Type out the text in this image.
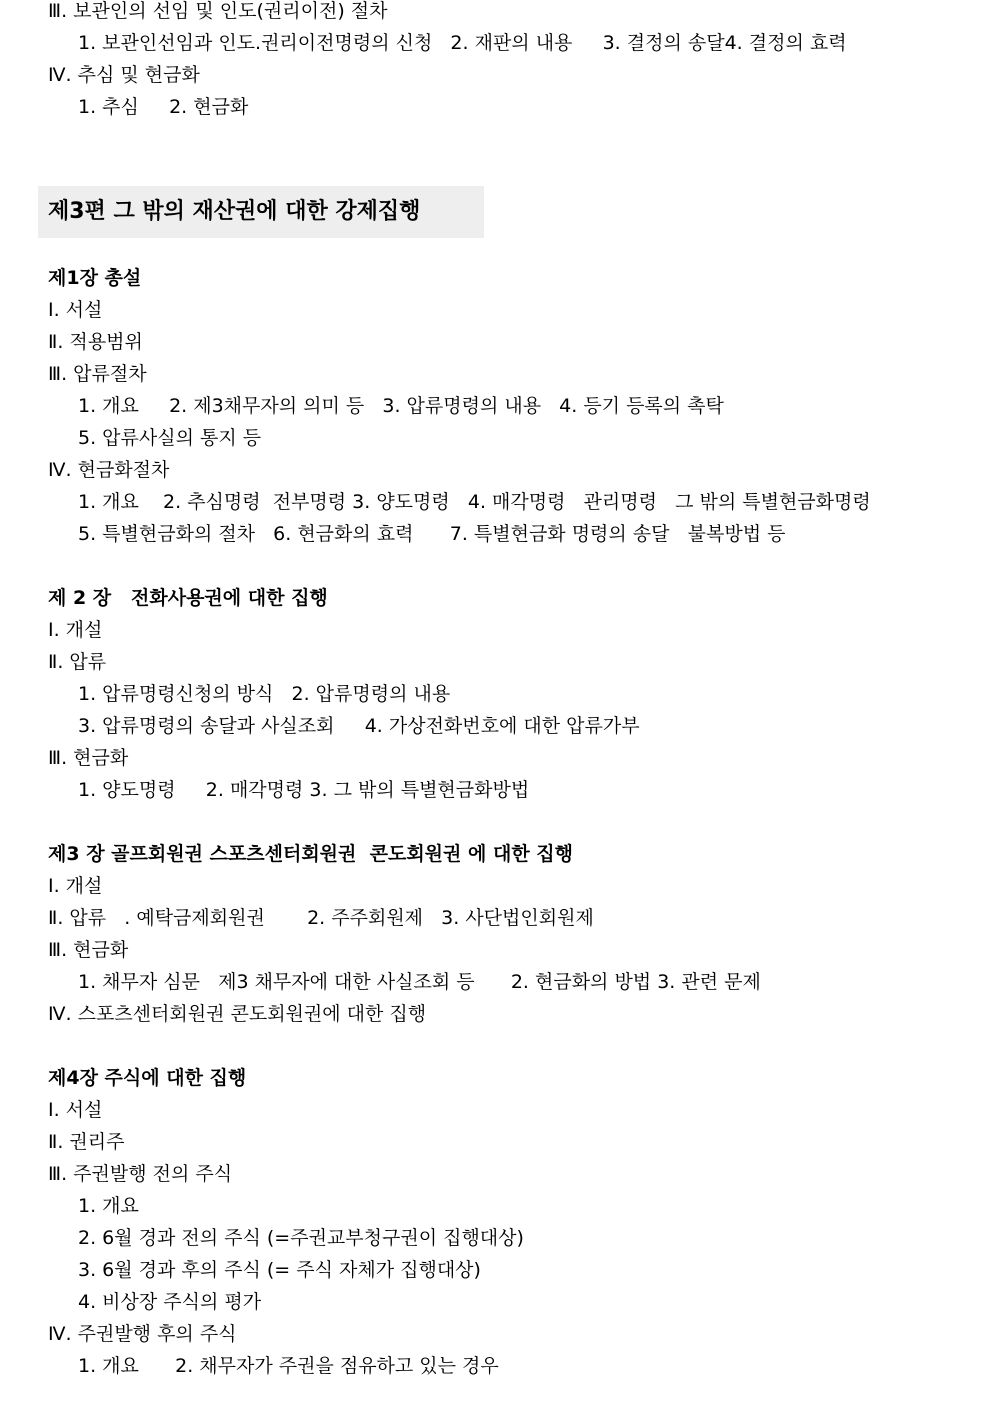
Ⅲ. 보관인의 선임 및 인도(권리이전) 절차
1. 보관인선임과 인도.권리이전명령의 신청   2. 재판의 내용     3. 결정의 송달4. 결정의 효력
Ⅳ. 추심 및 현금화
1. 추심     2. 현금화
제3편 그 밖의 재산권에 대한 강제집행
제1장 총설
Ⅰ. 서설
Ⅱ. 적용범위
Ⅲ. 압류절차
1. 개요     2. 제3채무자의 의미 등   3. 압류명령의 내용   4. 등기 등록의 촉탁
5. 압류사실의 통지 등
Ⅳ. 현금화절차
1. 개요    2. 추심명령  전부명령 3. 양도명령   4. 매각명령   관리명령   그 밖의 특별현금화명령
5. 특별현금화의 절차   6. 현금화의 효력      7. 특별현금화 명령의 송달   불복방법 등
제 2 장   전화사용권에 대한 집행
Ⅰ. 개설
Ⅱ. 압류
1. 압류명령신청의 방식   2. 압류명령의 내용
3. 압류명령의 송달과 사실조회     4. 가상전화번호에 대한 압류가부
Ⅲ. 현금화
1. 양도명령     2. 매각명령 3. 그 밖의 특별현금화방법
제3 장 골프회원권 스포츠센터회원권  콘도회원권 에 대한 집행
Ⅰ. 개설
Ⅱ. 압류   . 예탁금제회원권       2. 주주회원제   3. 사단법인회원제
Ⅲ. 현금화
1. 채무자 심문   제3 채무자에 대한 사실조회 등      2. 현금화의 방법 3. 관련 문제
Ⅳ. 스포츠센터회원권 콘도회원권에 대한 집행
제4장 주식에 대한 집행
Ⅰ. 서설
Ⅱ. 권리주
Ⅲ. 주권발행 전의 주식
1. 개요
2. 6월 경과 전의 주식 (=주권교부청구권이 집행대상)
3. 6월 경과 후의 주식 (= 주식 자체가 집행대상)
4. 비상장 주식의 평가
Ⅳ. 주권발행 후의 주식
1. 개요      2. 채무자가 주권을 점유하고 있는 경우
